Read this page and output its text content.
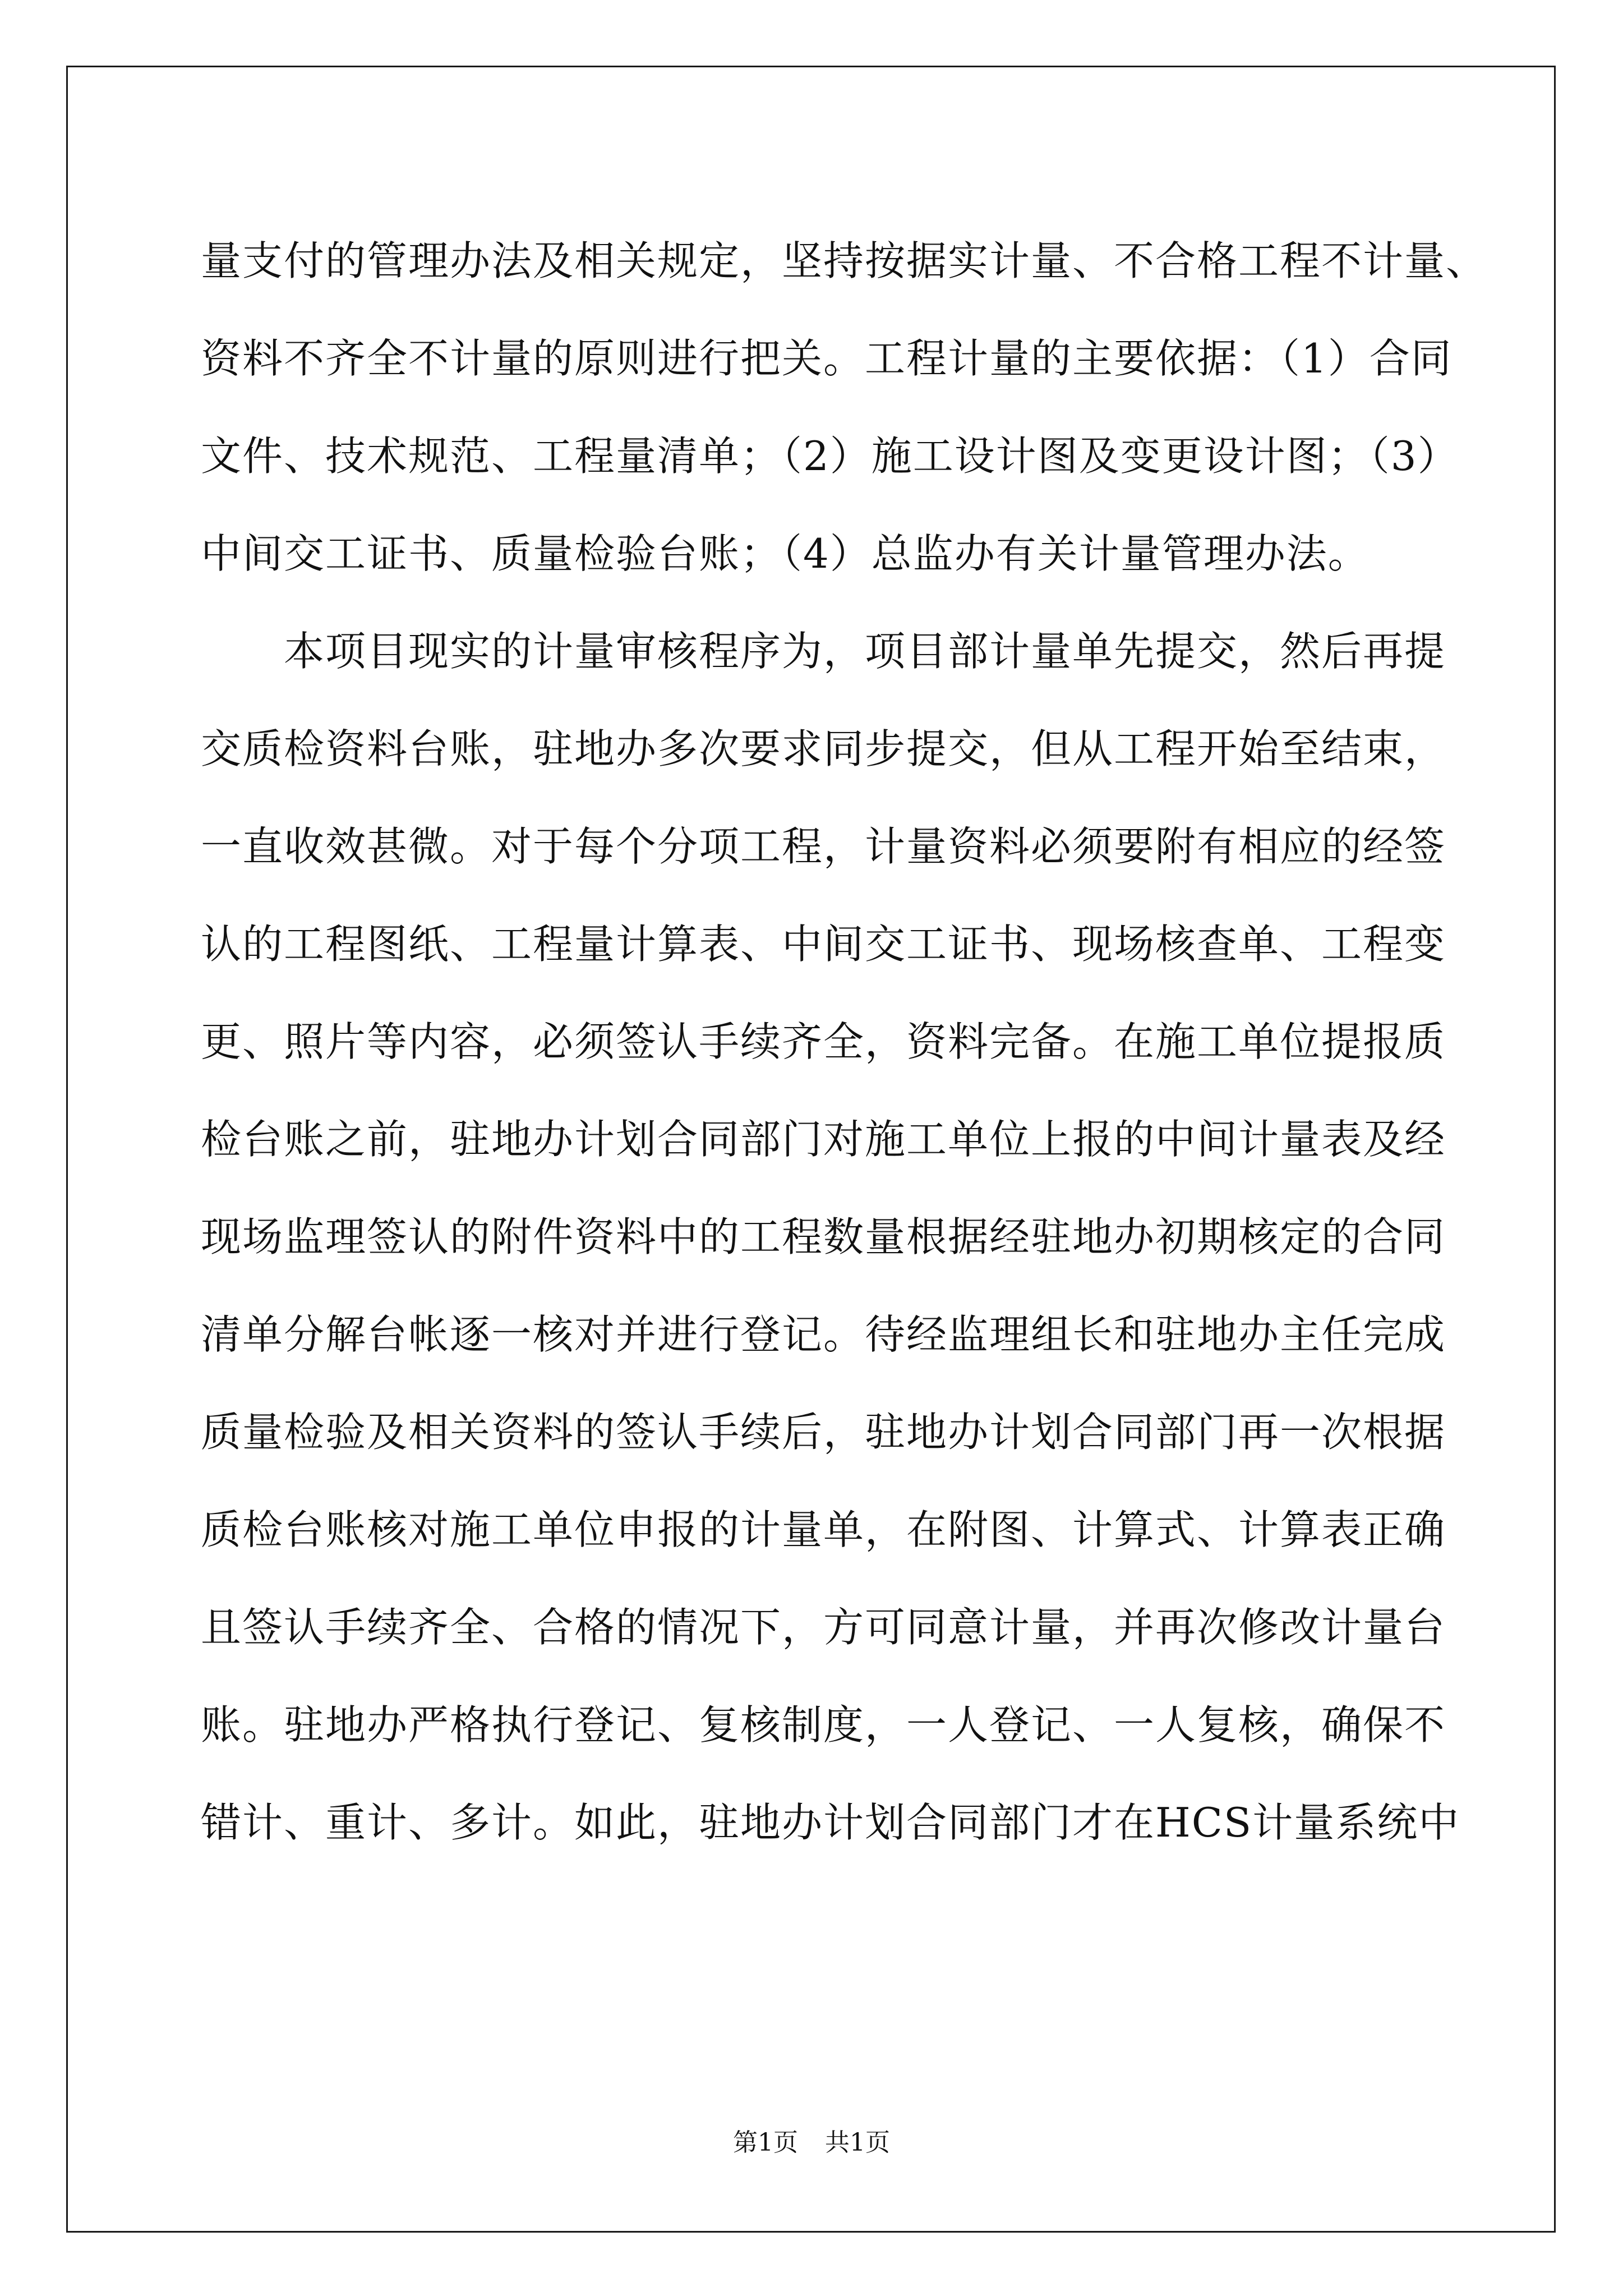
量支付的管理办法及相关规定，坚持按据实计量、不合格工程不计量、
资料不齐全不计量的原则进行把关。工程计量的主要依据：（1）合同
文件、技术规范、工程量清单；（2）施工设计图及变更设计图；（3）
中间交工证书、质量检验台账；（4）总监办有关计量管理办法。
　　本项目现实的计量审核程序为，项目部计量单先提交，然后再提
交质检资料台账，驻地办多次要求同步提交，但从工程开始至结束，
一直收效甚微。对于每个分项工程，计量资料必须要附有相应的经签
认的工程图纸、工程量计算表、中间交工证书、现场核查单、工程变
更、照片等内容，必须签认手续齐全，资料完备。在施工单位提报质
检台账之前，驻地办计划合同部门对施工单位上报的中间计量表及经
现场监理签认的附件资料中的工程数量根据经驻地办初期核定的合同
清单分解台帐逐一核对并进行登记。待经监理组长和驻地办主任完成
质量检验及相关资料的签认手续后，驻地办计划合同部门再一次根据
质检台账核对施工单位申报的计量单，在附图、计算式、计算表正确
且签认手续齐全、合格的情况下，方可同意计量，并再次修改计量台
账。驻地办严格执行登记、复核制度，一人登记、一人复核，确保不
错计、重计、多计。如此，驻地办计划合同部门才在HCS计量系统中
第1页 共1页
